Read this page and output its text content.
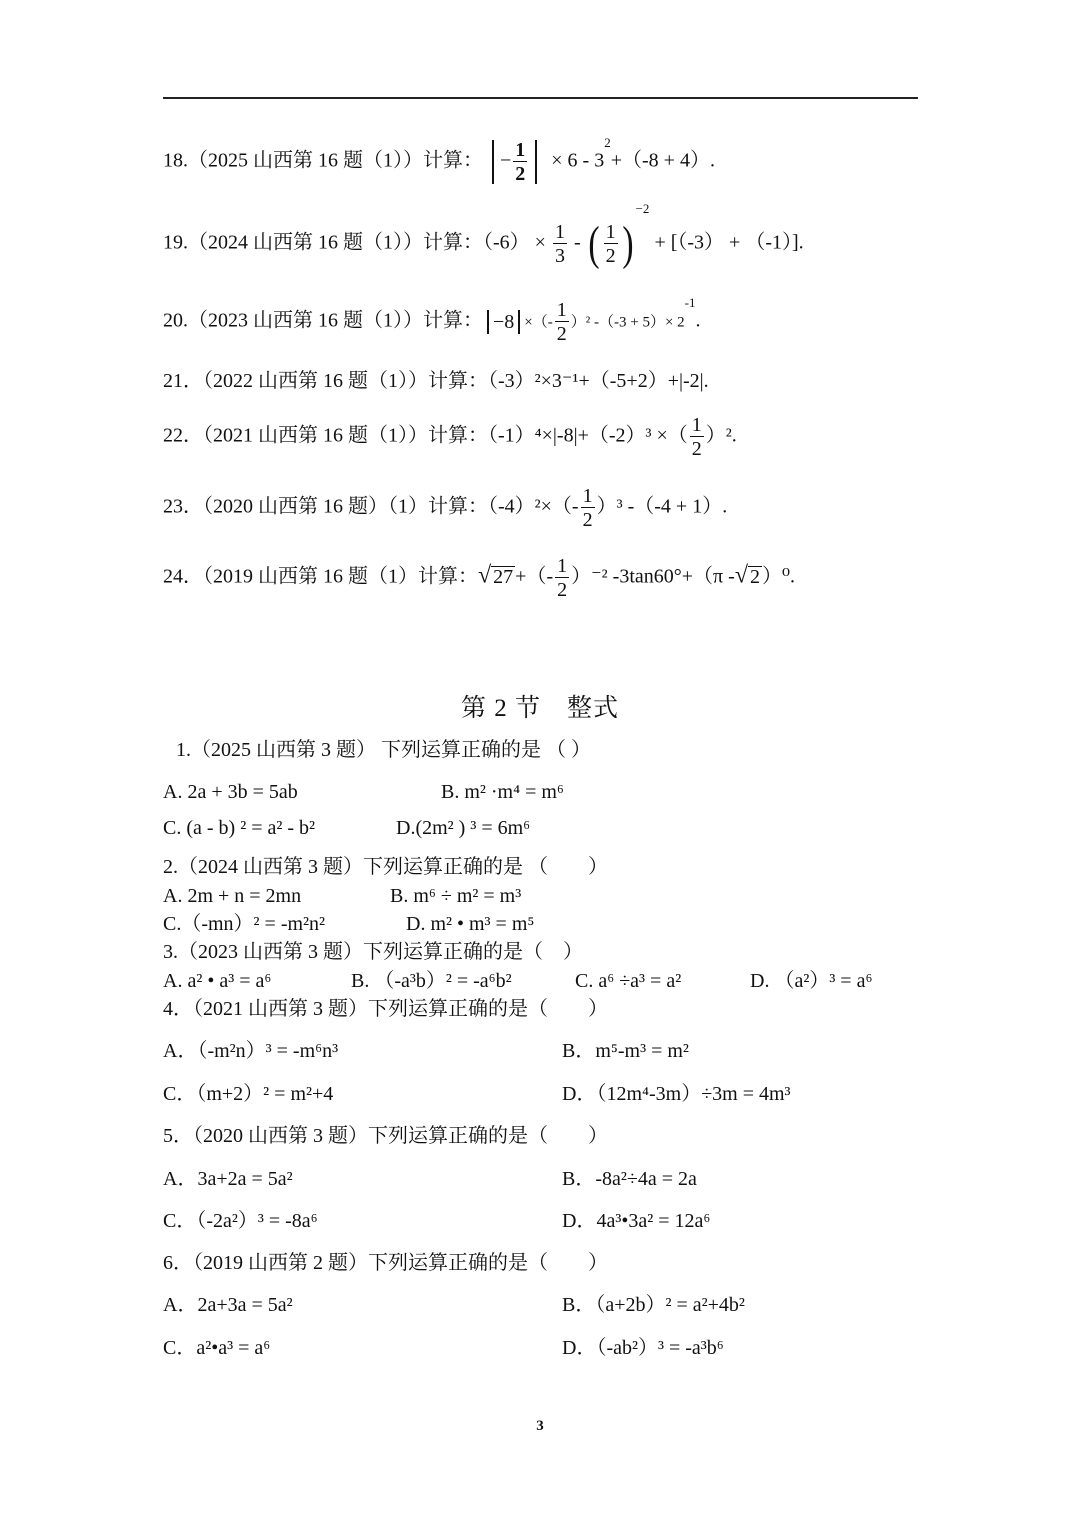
18.（2025 山西第 16 题（1））计算： − $\frac{1}{2} \times 6 - 3^2+(-8 + 4)$.
19.（2024 山西第 16 题（1））计算：$(-6) \times \frac{1}{3}$ - ( $\frac{1}{2} )^{-2} + [(-3) + (-1)]$.
20.（2023 山西第 16 题（1））计算： −8 ×（- $\frac{1}{2} )^2$ $-(-3 + 5)\times 2^{-1}$.
21．（2022 山西第 16 题（1））计算：（-3）²×3⁻¹+（-5+2）+|-2|.
22．（2021 山西第 16 题（1））计算：（-1）⁴×|-8|+（-2）³ ×（ $\frac{1}{2} )^2$.
23．（2020 山西第 16 题）（1）计算：$(-4)^2\times(- \frac{1}{2} )^3$ -（-4 + 1）.
24．（2019 山西第 16 题（1）计算：√ 27 +（- $\frac{1}{2} )^{-2}$ -3tan60°+（π -√ 2 ）⁰.
第 2 节　整式
1.（2025 山西第 3 题） 下列运算正确的是 （ ）
A. 2a + 3b = 5ab	B. m² ·m⁴ = m⁶
C. (a - b) ² = a² - b²	D.(2m² ) ³ = 6m⁶
2.（2024 山西第 3 题）下列运算正确的是 （　　）
A. 2m + n = 2mn	B. m⁶ ÷ m² = m³
C.（-mn）² = -m²n²	D. m² • m³ = m⁵
3.（2023 山西第 3 题）下列运算正确的是（　）
A. a² • a³ = a⁶	B. （-a³b）² = -a⁶b²	C. a⁶ ÷a³ = a²	D. （a²）³ = a⁶
4．（2021 山西第 3 题）下列运算正确的是（　　）
A．（-m²n）³ = -m⁶n³	B．m⁵-m³ = m²
C．（m+2）² = m²+4	D．（12m⁴-3m）÷3m = 4m³
5．（2020 山西第 3 题）下列运算正确的是（　　）
A．3a+2a = 5a²	B．-8a²÷4a = 2a
C．（-2a²）³ = -8a⁶	D．4a³•3a² = 12a⁶
6．（2019 山西第 2 题）下列运算正确的是（　　）
A．2a+3a = 5a²	B．（a+2b）² = a²+4b²
C．a²•a³ = a⁶	D．（-ab²）³ = -a³b⁶
3
